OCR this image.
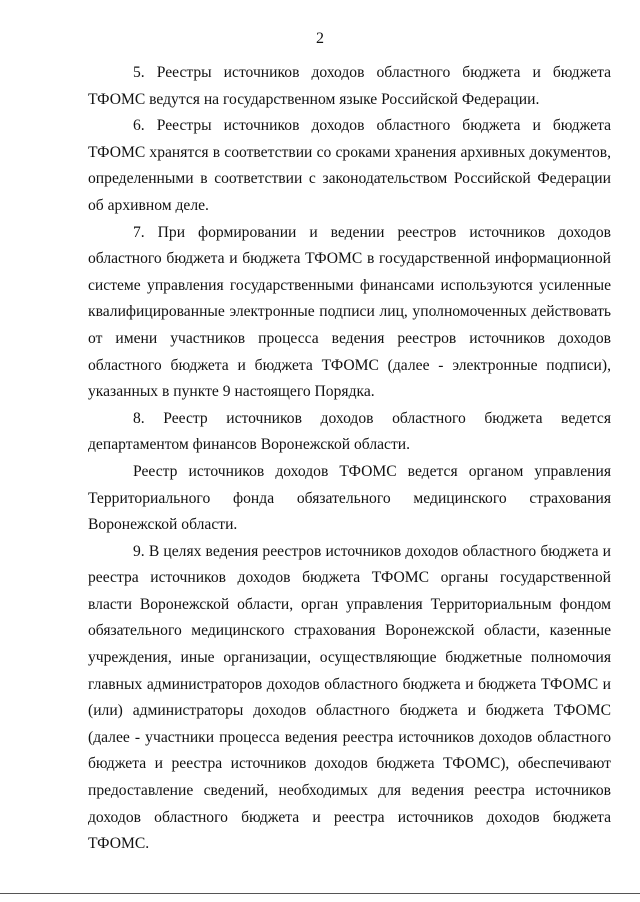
2

5. Реестры источников доходов областного бюджета и бюджета ТФОМС ведутся на государственном языке Российской Федерации.

6. Реестры источников доходов областного бюджета и бюджета ТФОМС хранятся в соответствии со сроками хранения архивных документов, определенными в соответствии с законодательством Российской Федерации об архивном деле.

7. При формировании и ведении реестров источников доходов областного бюджета и бюджета ТФОМС в государственной информационной системе управления государственными финансами используются усиленные квалифицированные электронные подписи лиц, уполномоченных действовать от имени участников процесса ведения реестров источников доходов областного бюджета и бюджета ТФОМС (далее - электронные подписи), указанных в пункте 9 настоящего Порядка.

8. Реестр источников доходов областного бюджета ведется департаментом финансов Воронежской области.

Реестр источников доходов ТФОМС ведется органом управления Территориального фонда обязательного медицинского страхования Воронежской области.

9. В целях ведения реестров источников доходов областного бюджета и реестра источников доходов бюджета ТФОМС органы государственной власти Воронежской области, орган управления Территориальным фондом обязательного медицинского страхования Воронежской области, казенные учреждения, иные организации, осуществляющие бюджетные полномочия главных администраторов доходов областного бюджета и бюджета ТФОМС и (или) администраторы доходов областного бюджета и бюджета ТФОМС (далее - участники процесса ведения реестра источников доходов областного бюджета и реестра источников доходов бюджета ТФОМС), обеспечивают предоставление сведений, необходимых для ведения реестра источников доходов областного бюджета и реестра источников доходов бюджета ТФОМС.
